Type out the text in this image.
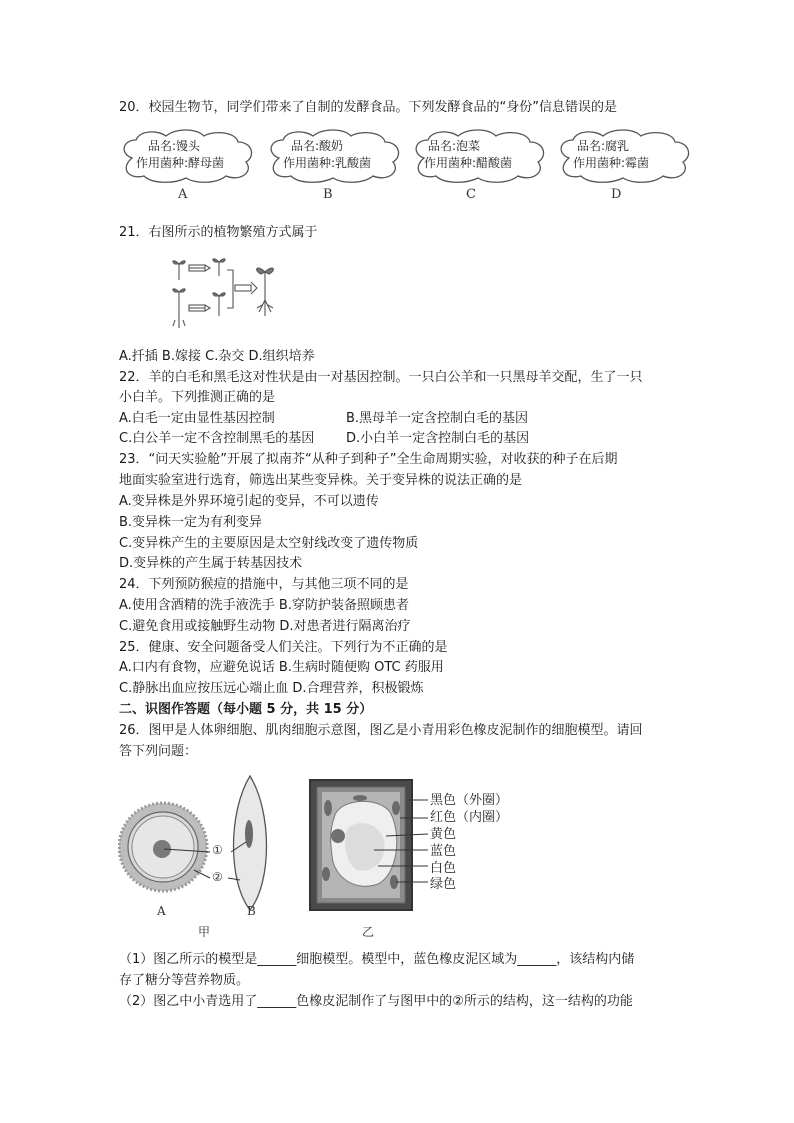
20．校园生物节，同学们带来了自制的发酵食品。下列发酵食品的“身份”信息错误的是
品名:馒头
作用菌种:酵母菌
A
品名:酸奶
作用菌种:乳酸菌
B
品名:泡菜
作用菌种:醋酸菌
C
品名:腐乳
作用菌种:霉菌
D
21．右图所示的植物繁殖方式属于
A.扦插 B.嫁接 C.杂交 D.组织培养
22．羊的白毛和黑毛这对性状是由一对基因控制。一只白公羊和一只黑母羊交配，生了一只
小白羊。下列推测正确的是
A.白毛一定由显性基因控制	B.黑母羊一定含控制白毛的基因
C.白公羊一定不含控制黑毛的基因 D.小白羊一定含控制白毛的基因
23．“问天实验舱”开展了拟南芥“从种子到种子”全生命周期实验，对收获的种子在后期
地面实验室进行选育，筛选出某些变异株。关于变异株的说法正确的是
A.变异株是外界环境引起的变异，不可以遗传
B.变异株一定为有利变异
C.变异株产生的主要原因是太空射线改变了遗传物质
D.变异株的产生属于转基因技术
24．下列预防猴痘的措施中，与其他三项不同的是
A.使用含酒精的洗手液洗手 B.穿防护装备照顾患者
C.避免食用或接触野生动物 D.对患者进行隔离治疗
25．健康、安全问题备受人们关注。下列行为不正确的是
A.口内有食物，应避免说话 B.生病时随便购 OTC 药服用
C.静脉出血应按压远心端止血 D.合理营养，积极锻炼
二、识图作答题（每小题 5 分，共 15 分）
26．图甲是人体卵细胞、肌肉细胞示意图，图乙是小青用彩色橡皮泥制作的细胞模型。请回
答下列问题：
①
②
A	B
甲
黑色（外圈）
红色（内圈）
黄色
蓝色
白色
绿色
乙
（1）图乙所示的模型是______细胞模型。模型中，蓝色橡皮泥区域为______，该结构内储
存了糖分等营养物质。
（2）图乙中小青选用了______色橡皮泥制作了与图甲中的②所示的结构，这一结构的功能
